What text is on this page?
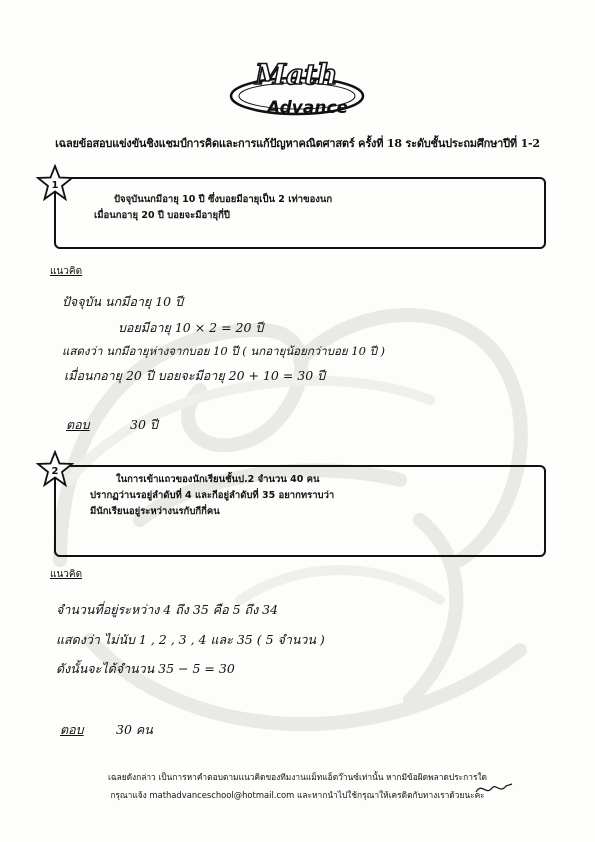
Math
Advance
เฉลยข้อสอบแข่งขันชิงแชมป์การคิดและการแก้ปัญหาคณิตศาสตร์ ครั้งที่ 18 ระดับชั้นประถมศึกษาปีที่ 1-2
1
ปัจจุบันนกมีอายุ 10 ปี ซึ่งบอยมีอายุเป็น 2 เท่าของนก
เมื่อนกอายุ 20 ปี บอยจะมีอายุกี่ปี
แนวคิด
ปัจจุบัน นกมีอายุ 10 ปี
บอยมีอายุ 10 × 2 = 20 ปี
แสดงว่า นกมีอายุห่างจากบอย 10 ปี ( นกอายุน้อยกว่าบอย 10 ปี )
เมื่อนกอายุ 20 ปี บอยจะมีอายุ 20 + 10 = 30 ปี
ตอบ	30 ปี
2
ในการเข้าแถวของนักเรียนชั้นป.2 จำนวน 40 คน
ปรากฏว่านรอยู่ลำดับที่ 4 และกีอยู่ลำดับที่ 35 อยากทราบว่า
มีนักเรียนอยู่ระหว่างนรกับกีกี่คน
แนวคิด
จำนวนที่อยู่ระหว่าง 4 ถึง 35 คือ 5 ถึง 34
แสดงว่า ไม่นับ 1 , 2 , 3 , 4 และ 35 ( 5 จำนวน )
ดังนั้นจะได้จำนวน 35 − 5 = 30
ตอบ	30 คน
เฉลยดังกล่าว เป็นการหาคำตอบตามแนวคิดของทีมงานแม็ทแอ็ดว๊านซ์เท่านั้น หากมีข้อผิดพลาดประการใด
กรุณาแจ้ง mathadvanceschool@hotmail.com และหากนำไปใช้กรุณาให้เครดิตกับทางเราด้วยนะคะ
